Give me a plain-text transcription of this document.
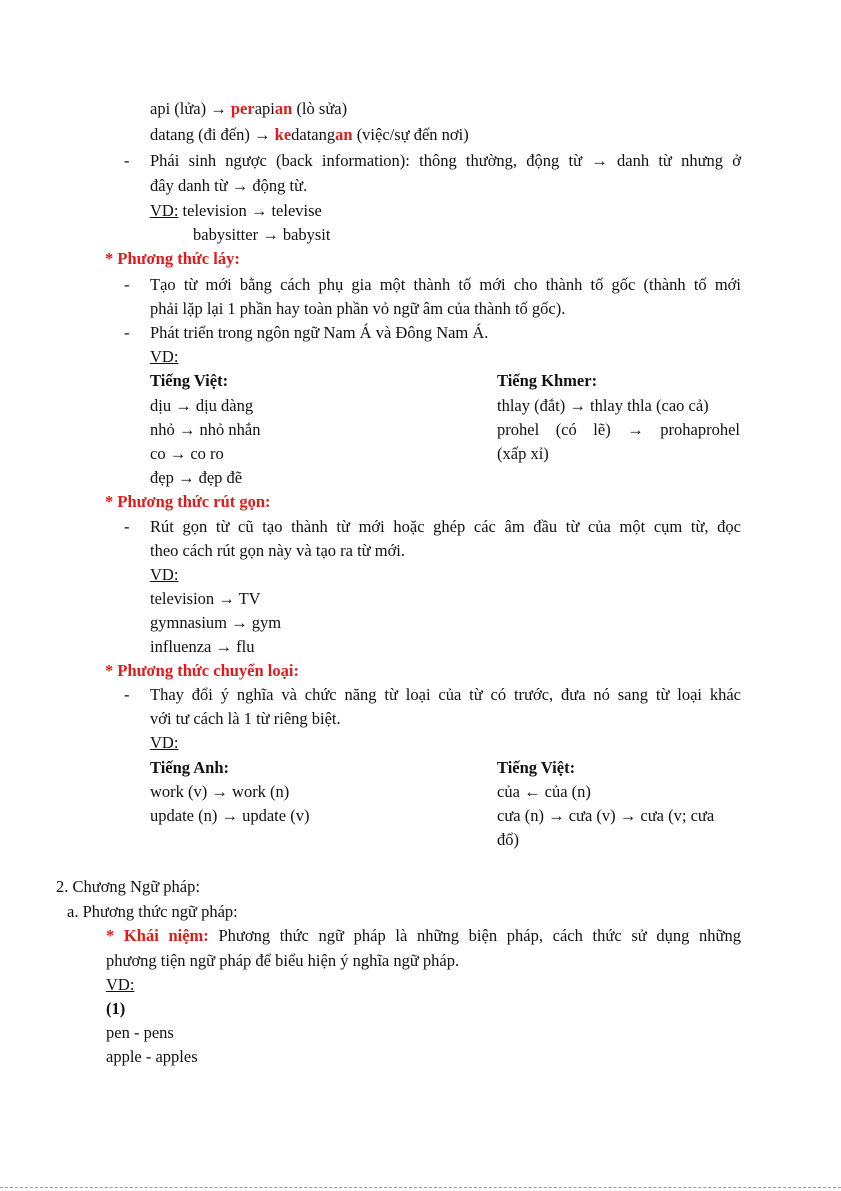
api (lửa) → perapian (lò sửa)
datang (đi đến) → kedatangan (việc/sự đến nơi)
- Phái sinh ngược (back information): thông thường, động từ → danh từ nhưng ở
đây danh từ → động từ.
VD: television → televise
babysitter → babysit
* Phương thức láy:
- Tạo từ mới bằng cách phụ gia một thành tố mới cho thành tố gốc (thành tố mới
phải lặp lại 1 phần hay toàn phần vỏ ngữ âm của thành tố gốc).
- Phát triển trong ngôn ngữ Nam Á và Đông Nam Á.
VD:
Tiếng Việt:
dịu → dịu dàng
nhỏ → nhỏ nhắn
co → co ro
đẹp → đẹp đẽ
Tiếng Khmer:
thlay (đắt) → thlay thla (cao cả)
prohel (có lẽ) → prohaprohel
(xấp xỉ)
* Phương thức rút gọn:
- Rút gọn từ cũ tạo thành từ mới hoặc ghép các âm đầu từ của một cụm từ, đọc
theo cách rút gọn này và tạo ra từ mới.
VD:
television → TV
gymnasium → gym
influenza → flu
* Phương thức chuyển loại:
- Thay đổi ý nghĩa và chức năng từ loại của từ có trước, đưa nó sang từ loại khác
với tư cách là 1 từ riêng biệt.
VD:
Tiếng Anh:
work (v) → work (n)
update (n) → update (v)
Tiếng Việt:
của ← của (n)
cưa (n) → cưa (v) → cưa (v; cưa
đổ)
2. Chương Ngữ pháp:
a. Phương thức ngữ pháp:
* Khái niệm: Phương thức ngữ pháp là những biện pháp, cách thức sử dụng những
phương tiện ngữ pháp để biểu hiện ý nghĩa ngữ pháp.
VD:
(1)
pen - pens
apple - apples
